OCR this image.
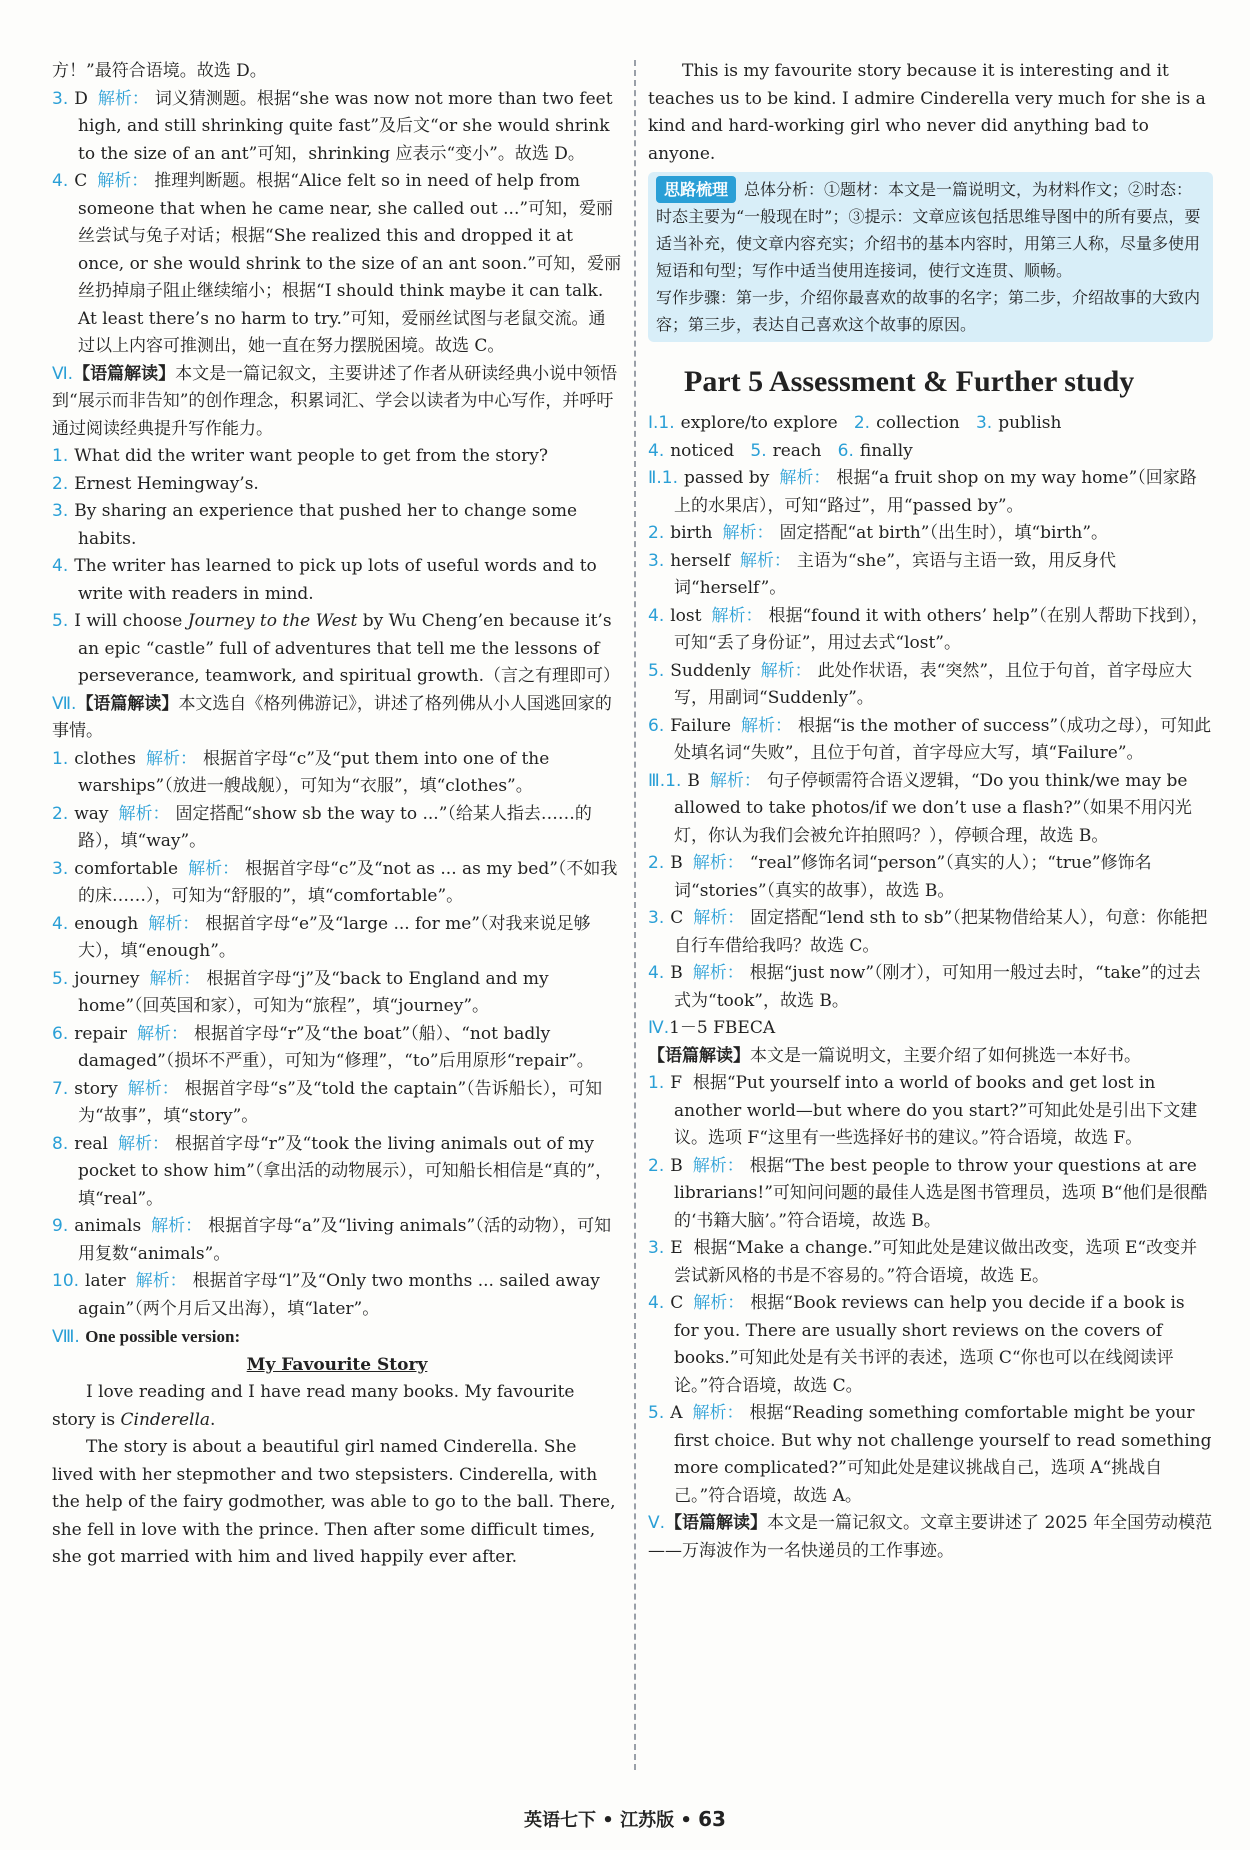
方！”最符合语境。故选 D。
3. D 解析： 词义猜测题。根据“she was now not more than two feet high, and still shrinking quite fast”及后文“or she would shrink to the size of an ant”可知，shrinking 应表示“变小”。故选 D。
4. C 解析： 推理判断题。根据“Alice felt so in need of help from someone that when he came near, she called out ...”可知，爱丽丝尝试与兔子对话；根据“She realized this and dropped it at once, or she would shrink to the size of an ant soon.”可知，爱丽丝扔掉扇子阻止继续缩小；根据“I should think maybe it can talk. At least there’s no harm to try.”可知，爱丽丝试图与老鼠交流。通过以上内容可推测出，她一直在努力摆脱困境。故选 C。
Ⅵ.【语篇解读】本文是一篇记叙文，主要讲述了作者从研读经典小说中领悟到“展示而非告知”的创作理念，积累词汇、学会以读者为中心写作，并呼吁通过阅读经典提升写作能力。
1. What did the writer want people to get from the story?
2. Ernest Hemingway’s.
3. By sharing an experience that pushed her to change some habits.
4. The writer has learned to pick up lots of useful words and to write with readers in mind.
5. I will choose Journey to the West by Wu Cheng’en because it’s an epic “castle” full of adventures that tell me the lessons of perseverance, teamwork, and spiritual growth.（言之有理即可）
Ⅶ.【语篇解读】本文选自《格列佛游记》，讲述了格列佛从小人国逃回家的事情。
1. clothes 解析： 根据首字母“c”及“put them into one of the warships”（放进一艘战舰），可知为“衣服”，填“clothes”。
2. way 解析： 固定搭配“show sb the way to ...”（给某人指去……的路），填“way”。
3. comfortable 解析： 根据首字母“c”及“not as ... as my bed”（不如我的床……），可知为“舒服的”，填“comfortable”。
4. enough 解析： 根据首字母“e”及“large ... for me”（对我来说足够大），填“enough”。
5. journey 解析： 根据首字母“j”及“back to England and my home”（回英国和家），可知为“旅程”，填“journey”。
6. repair 解析： 根据首字母“r”及“the boat”（船）、“not badly damaged”（损坏不严重），可知为“修理”，“to”后用原形“repair”。
7. story 解析： 根据首字母“s”及“told the captain”（告诉船长），可知为“故事”，填“story”。
8. real 解析： 根据首字母“r”及“took the living animals out of my pocket to show him”（拿出活的动物展示），可知船长相信是“真的”，填“real”。
9. animals 解析： 根据首字母“a”及“living animals”（活的动物），可知用复数“animals”。
10. later 解析： 根据首字母“l”及“Only two months ... sailed away again”（两个月后又出海），填“later”。
Ⅷ. One possible version:
My Favourite Story
I love reading and I have read many books. My favourite story is Cinderella.
The story is about a beautiful girl named Cinderella. She lived with her stepmother and two stepsisters. Cinderella, with the help of the fairy godmother, was able to go to the ball. There, she fell in love with the prince. Then after some difficult times, she got married with him and lived happily ever after.
This is my favourite story because it is interesting and it teaches us to be kind. I admire Cinderella very much for she is a kind and hard-working girl who never did anything bad to anyone.
思路梳理 总体分析：①题材：本文是一篇说明文，为材料作文；②时态：时态主要为“一般现在时”；③提示：文章应该包括思维导图中的所有要点，要适当补充，使文章内容充实；介绍书的基本内容时，用第三人称，尽量多使用短语和句型；写作中适当使用连接词，使行文连贯、顺畅。
写作步骤：第一步，介绍你最喜欢的故事的名字；第二步，介绍故事的大致内容；第三步，表达自己喜欢这个故事的原因。
Part 5 Assessment & Further study
Ⅰ.1. explore/to explore 2. collection 3. publish
4. noticed 5. reach 6. finally
Ⅱ.1. passed by 解析： 根据“a fruit shop on my way home”（回家路上的水果店），可知“路过”，用“passed by”。
2. birth 解析： 固定搭配“at birth”（出生时），填“birth”。
3. herself 解析： 主语为“she”，宾语与主语一致，用反身代词“herself”。
4. lost 解析： 根据“found it with others’ help”（在别人帮助下找到），可知“丢了身份证”，用过去式“lost”。
5. Suddenly 解析： 此处作状语，表“突然”，且位于句首，首字母应大写，用副词“Suddenly”。
6. Failure 解析： 根据“is the mother of success”（成功之母），可知此处填名词“失败”，且位于句首，首字母应大写，填“Failure”。
Ⅲ.1. B 解析： 句子停顿需符合语义逻辑，“Do you think/we may be allowed to take photos/if we don’t use a flash?”（如果不用闪光灯，你认为我们会被允许拍照吗？），停顿合理，故选 B。
2. B 解析： “real”修饰名词“person”（真实的人）；“true”修饰名词“stories”（真实的故事），故选 B。
3. C 解析： 固定搭配“lend sth to sb”（把某物借给某人），句意：你能把自行车借给我吗？故选 C。
4. B 解析： 根据“just now”（刚才），可知用一般过去时，“take”的过去式为“took”，故选 B。
Ⅳ.1－5 FBECA
【语篇解读】本文是一篇说明文，主要介绍了如何挑选一本好书。
1. F 根据“Put yourself into a world of books and get lost in another world—but where do you start?”可知此处是引出下文建议。选项 F“这里有一些选择好书的建议。”符合语境，故选 F。
2. B 解析： 根据“The best people to throw your questions at are librarians!”可知问问题的最佳人选是图书管理员，选项 B“他们是很酷的‘书籍大脑’。”符合语境，故选 B。
3. E 根据“Make a change.”可知此处是建议做出改变，选项 E“改变并尝试新风格的书是不容易的。”符合语境，故选 E。
4. C 解析： 根据“Book reviews can help you decide if a book is for you. There are usually short reviews on the covers of books.”可知此处是有关书评的表述，选项 C“你也可以在线阅读评论。”符合语境，故选 C。
5. A 解析： 根据“Reading something comfortable might be your first choice. But why not challenge yourself to read something more complicated?”可知此处是建议挑战自己，选项 A“挑战自己。”符合语境，故选 A。
Ⅴ.【语篇解读】本文是一篇记叙文。文章主要讲述了 2025 年全国劳动模范——万海波作为一名快递员的工作事迹。
英语七下 • 江苏版 • 63
